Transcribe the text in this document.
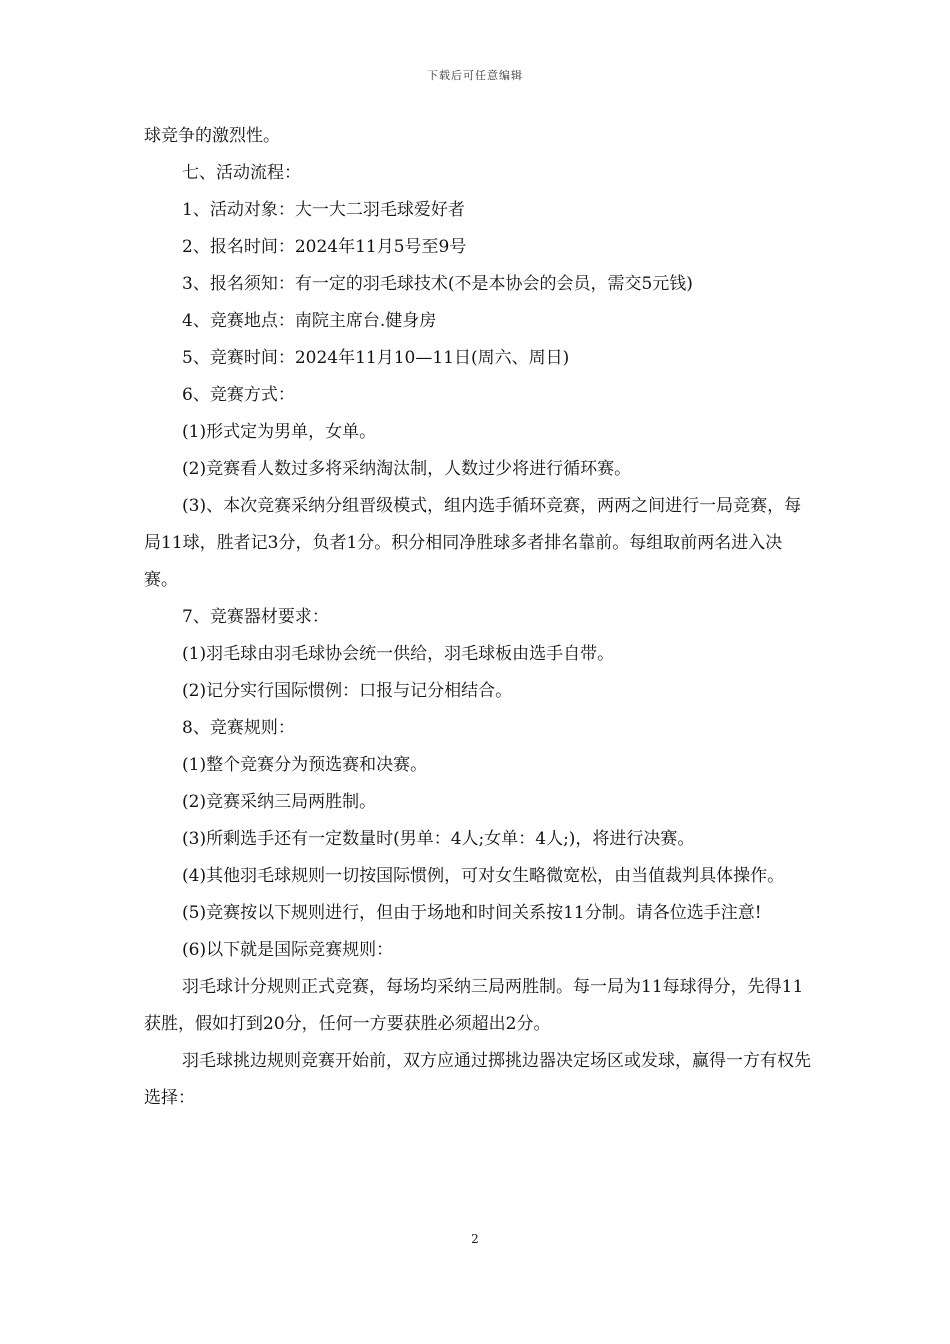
下载后可任意编辑

球竞争的激烈性。

七、活动流程：

1、活动对象：大一大二羽毛球爱好者

2、报名时间：2024年11月5号至9号

3、报名须知：有一定的羽毛球技术(不是本协会的会员，需交5元钱)

4、竞赛地点：南院主席台.健身房

5、竞赛时间：2024年11月10—11日(周六、周日)

6、竞赛方式：

(1)形式定为男单，女单。

(2)竞赛看人数过多将采纳淘汰制，人数过少将进行循环赛。

(3)、本次竞赛采纳分组晋级模式，组内选手循环竞赛，两两之间进行一局竞赛，每局11球，胜者记3分，负者1分。积分相同净胜球多者排名靠前。每组取前两名进入决赛。

7、竞赛器材要求：

(1)羽毛球由羽毛球协会统一供给，羽毛球板由选手自带。

(2)记分实行国际惯例：口报与记分相结合。

8、竞赛规则：

(1)整个竞赛分为预选赛和决赛。

(2)竞赛采纳三局两胜制。

(3)所剩选手还有一定数量时(男单：4人;女单：4人;)，将进行决赛。

(4)其他羽毛球规则一切按国际惯例，可对女生略微宽松，由当值裁判具体操作。

(5)竞赛按以下规则进行，但由于场地和时间关系按11分制。请各位选手注意!

(6)以下就是国际竞赛规则：

羽毛球计分规则正式竞赛，每场均采纳三局两胜制。每一局为11每球得分，先得11获胜，假如打到20分，任何一方要获胜必须超出2分。

羽毛球挑边规则竞赛开始前，双方应通过掷挑边器决定场区或发球，赢得一方有权先选择：

2
